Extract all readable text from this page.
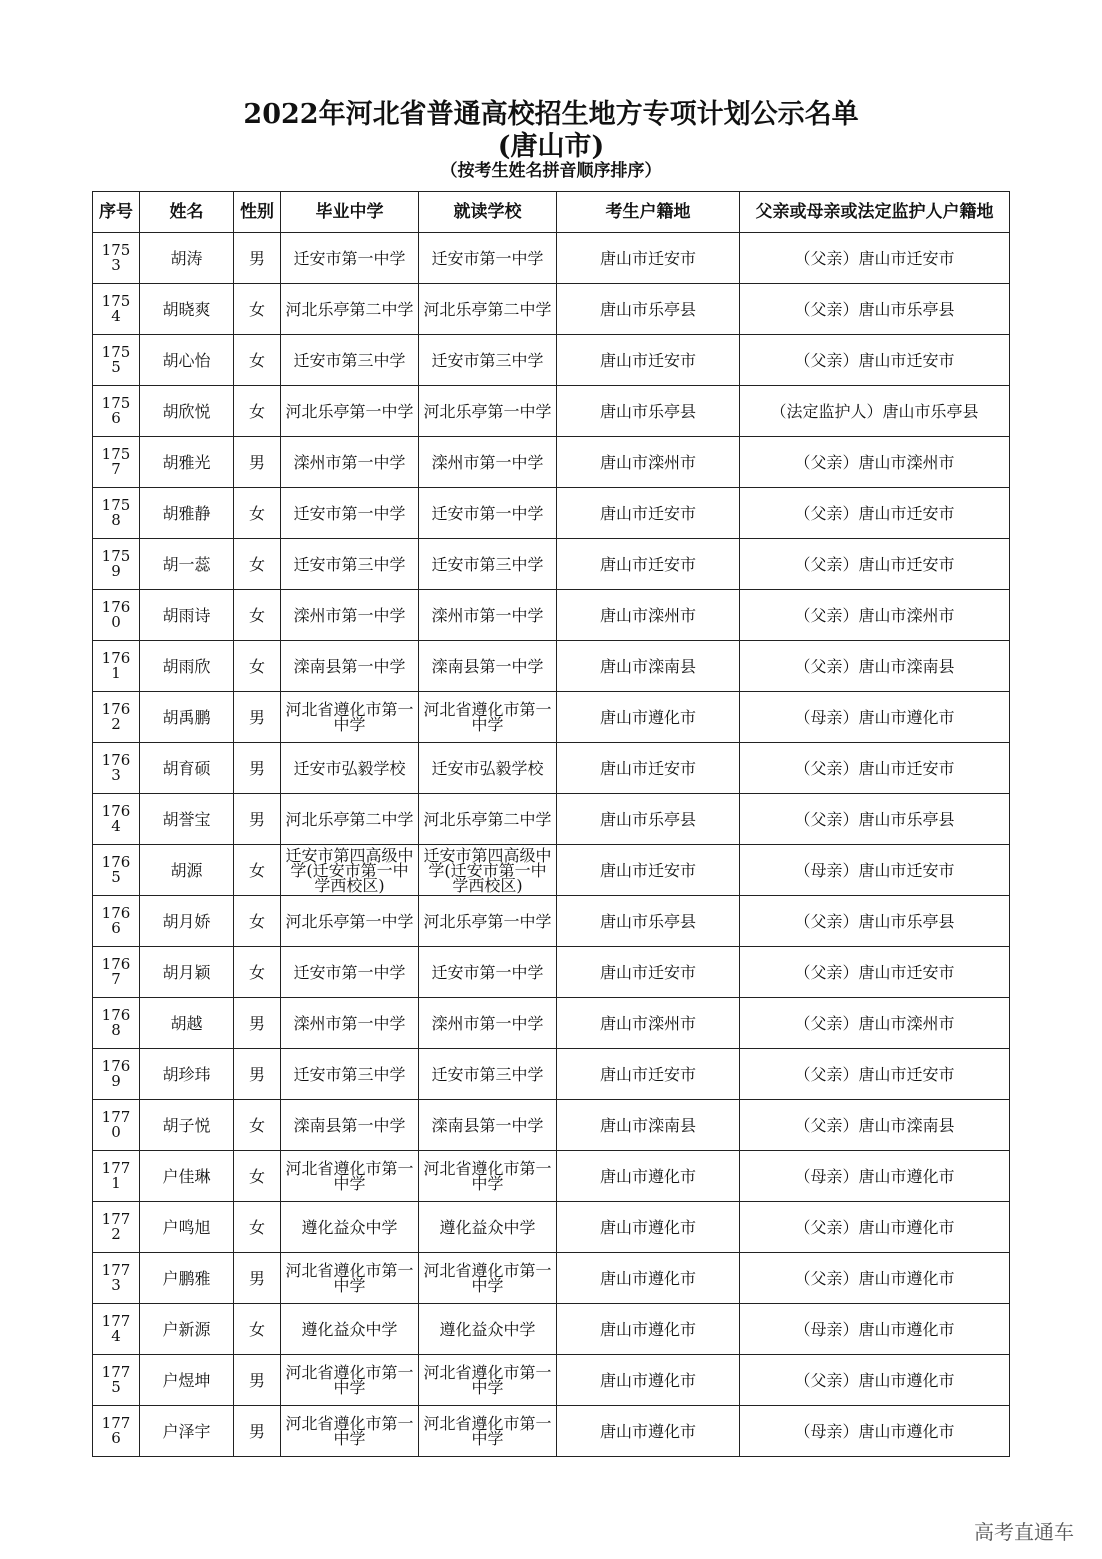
2022年河北省普通高校招生地方专项计划公示名单
(唐山市)
（按考生姓名拼音顺序排序）
序号	姓名	性别	毕业中学	就读学校	考生户籍地	父亲或母亲或法定监护人户籍地
1753	胡涛	男	迁安市第一中学	迁安市第一中学	唐山市迁安市	（父亲）唐山市迁安市
1754	胡晓爽	女	河北乐亭第二中学	河北乐亭第二中学	唐山市乐亭县	（父亲）唐山市乐亭县
1755	胡心怡	女	迁安市第三中学	迁安市第三中学	唐山市迁安市	（父亲）唐山市迁安市
1756	胡欣悦	女	河北乐亭第一中学	河北乐亭第一中学	唐山市乐亭县	（法定监护人）唐山市乐亭县
1757	胡雅光	男	滦州市第一中学	滦州市第一中学	唐山市滦州市	（父亲）唐山市滦州市
1758	胡雅静	女	迁安市第一中学	迁安市第一中学	唐山市迁安市	（父亲）唐山市迁安市
1759	胡一蕊	女	迁安市第三中学	迁安市第三中学	唐山市迁安市	（父亲）唐山市迁安市
1760	胡雨诗	女	滦州市第一中学	滦州市第一中学	唐山市滦州市	（父亲）唐山市滦州市
1761	胡雨欣	女	滦南县第一中学	滦南县第一中学	唐山市滦南县	（父亲）唐山市滦南县
1762	胡禹鹏	男	河北省遵化市第一中学	河北省遵化市第一中学	唐山市遵化市	（母亲）唐山市遵化市
1763	胡育硕	男	迁安市弘毅学校	迁安市弘毅学校	唐山市迁安市	（父亲）唐山市迁安市
1764	胡誉宝	男	河北乐亭第二中学	河北乐亭第二中学	唐山市乐亭县	（父亲）唐山市乐亭县
1765	胡源	女	迁安市第四高级中学(迁安市第一中学西校区)	迁安市第四高级中学(迁安市第一中学西校区)	唐山市迁安市	（母亲）唐山市迁安市
1766	胡月娇	女	河北乐亭第一中学	河北乐亭第一中学	唐山市乐亭县	（父亲）唐山市乐亭县
1767	胡月颖	女	迁安市第一中学	迁安市第一中学	唐山市迁安市	（父亲）唐山市迁安市
1768	胡越	男	滦州市第一中学	滦州市第一中学	唐山市滦州市	（父亲）唐山市滦州市
1769	胡珍玮	男	迁安市第三中学	迁安市第三中学	唐山市迁安市	（父亲）唐山市迁安市
1770	胡子悦	女	滦南县第一中学	滦南县第一中学	唐山市滦南县	（父亲）唐山市滦南县
1771	户佳琳	女	河北省遵化市第一中学	河北省遵化市第一中学	唐山市遵化市	（母亲）唐山市遵化市
1772	户鸣旭	女	遵化益众中学	遵化益众中学	唐山市遵化市	（父亲）唐山市遵化市
1773	户鹏雅	男	河北省遵化市第一中学	河北省遵化市第一中学	唐山市遵化市	（父亲）唐山市遵化市
1774	户新源	女	遵化益众中学	遵化益众中学	唐山市遵化市	（母亲）唐山市遵化市
1775	户煜坤	男	河北省遵化市第一中学	河北省遵化市第一中学	唐山市遵化市	（父亲）唐山市遵化市
1776	户泽宇	男	河北省遵化市第一中学	河北省遵化市第一中学	唐山市遵化市	（母亲）唐山市遵化市
高考直通车
